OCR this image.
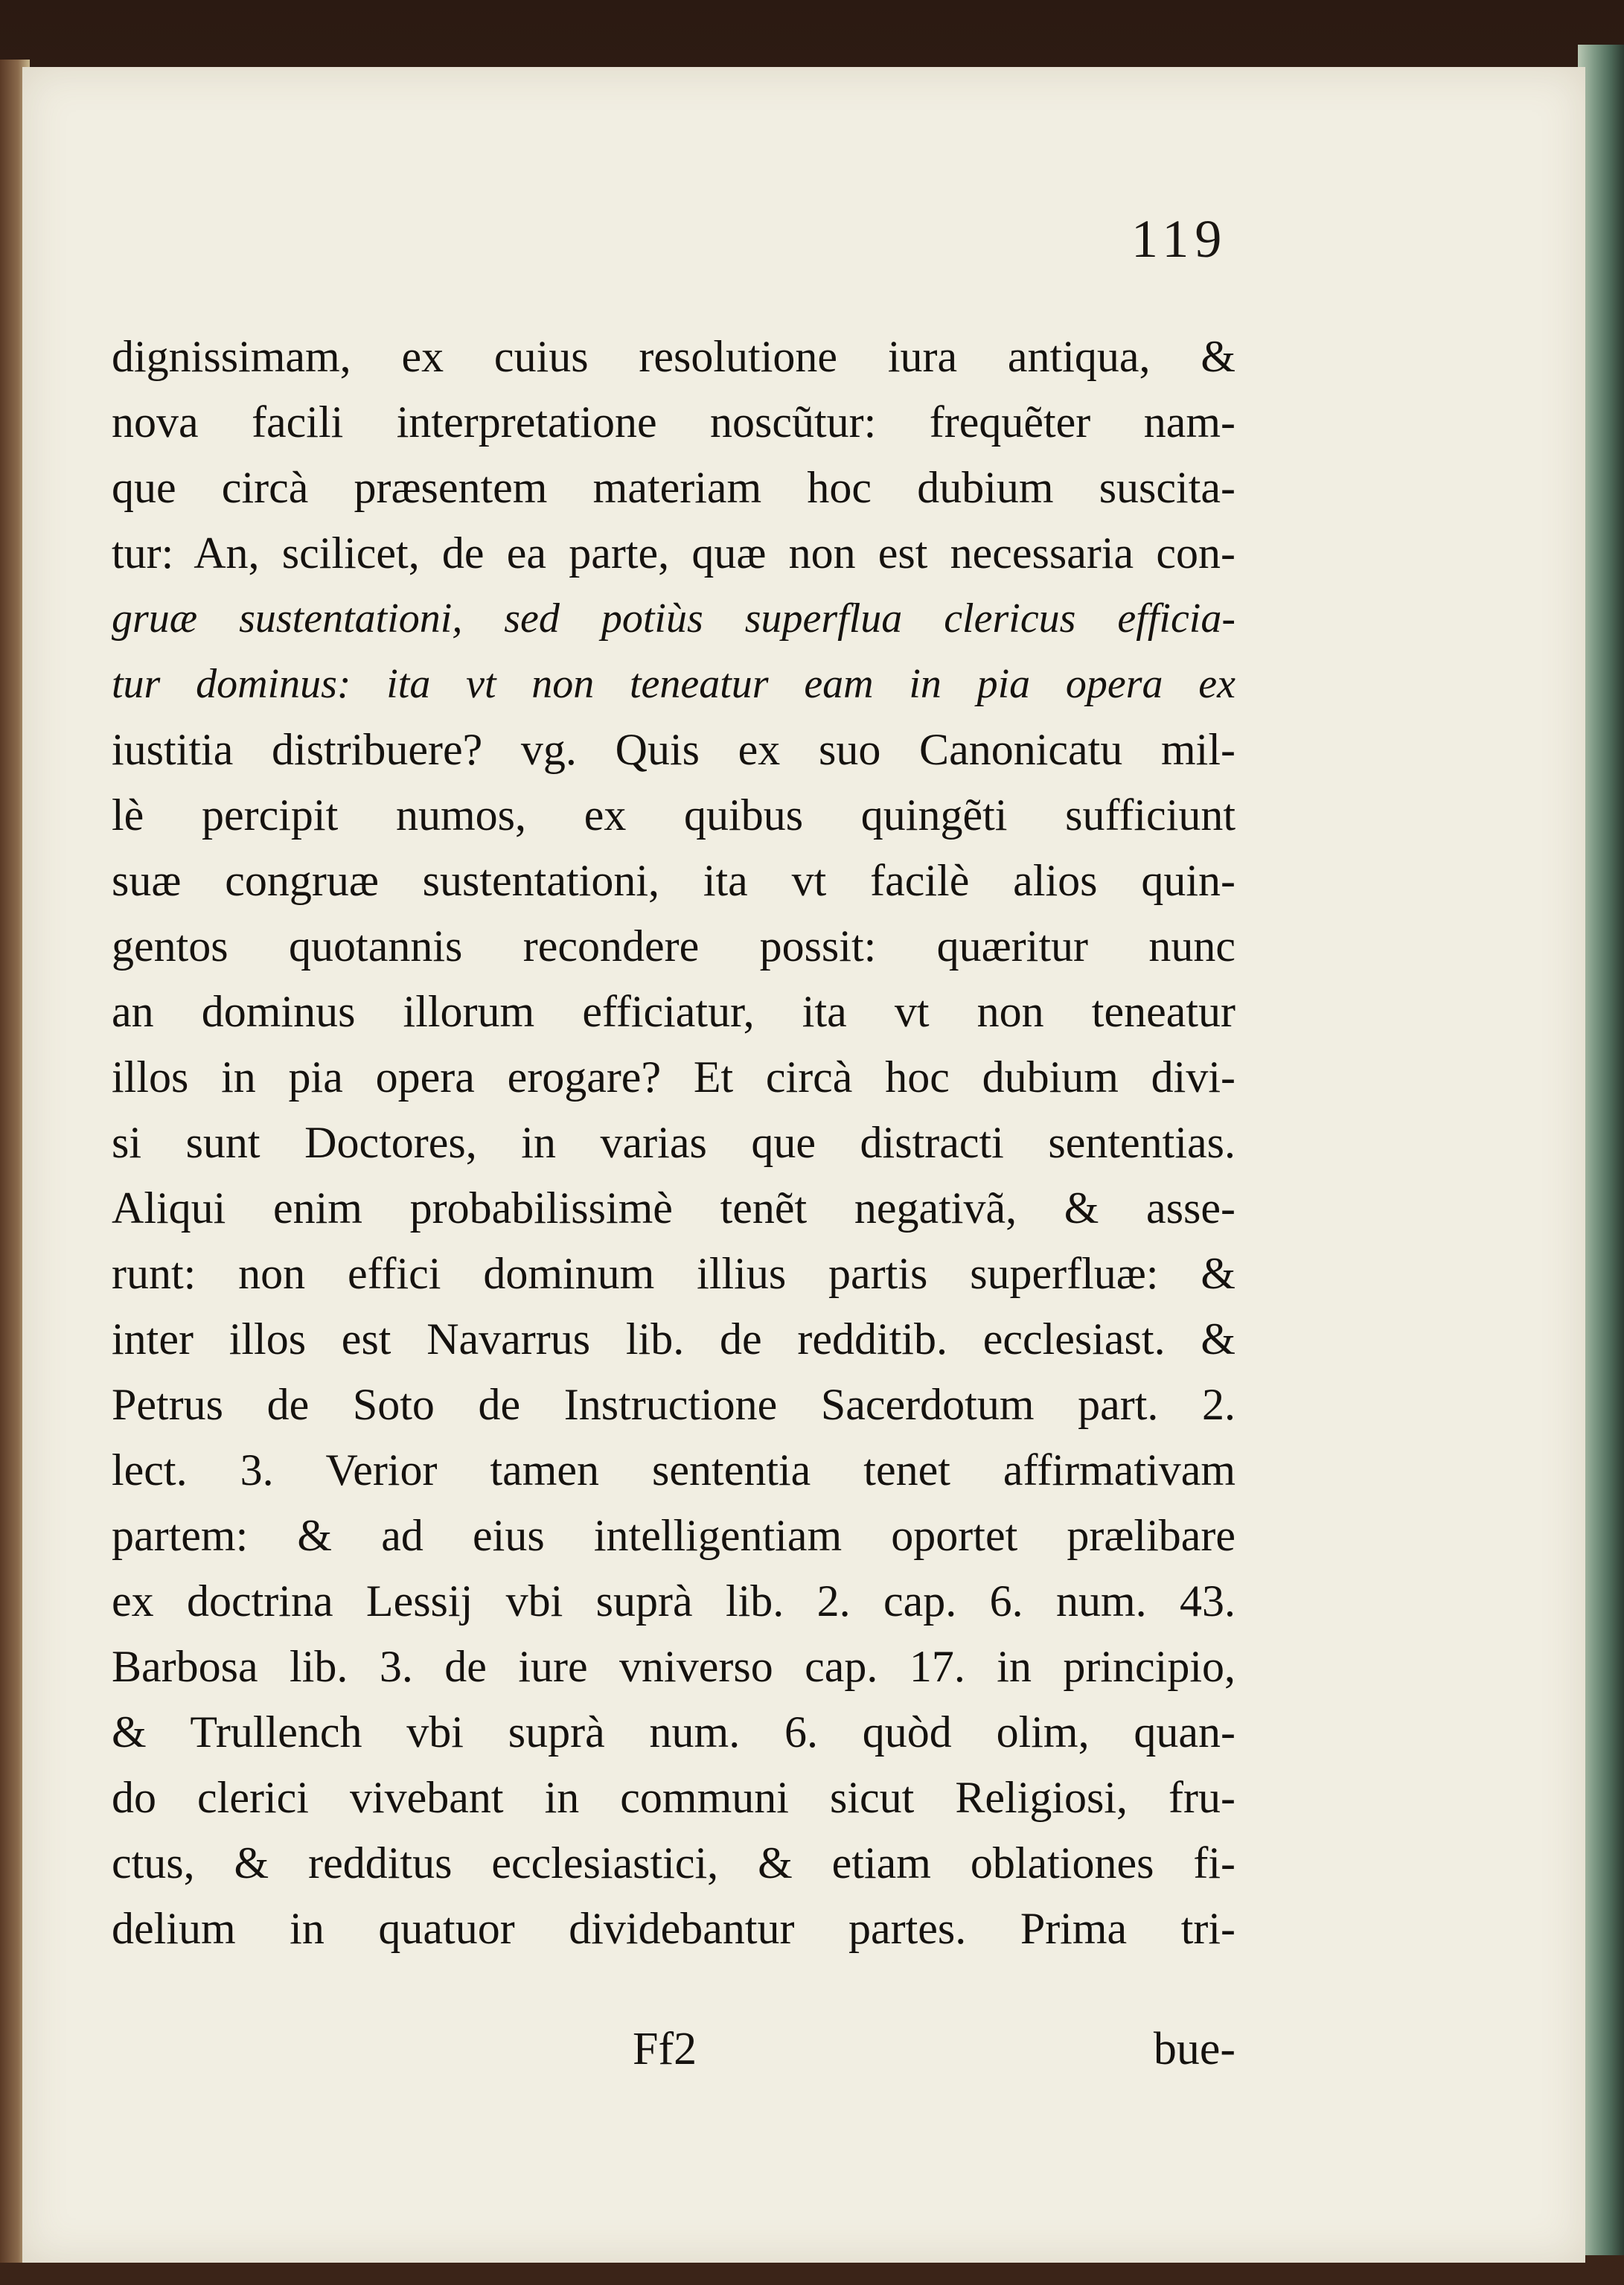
119
dignissimam, ex cuius resolutione iura antiqua, &
nova facili interpretatione noscũtur: frequẽter nam-
que circà præsentem materiam hoc dubium suscita-
tur: An, scilicet, de ea parte, quæ non est necessaria con-
gruæ sustentationi, sed potiùs superflua clericus efficia-
tur dominus: ita vt non teneatur eam in pia opera ex
iustitia distribuere? vg. Quis ex suo Canonicatu mil-
lè percipit numos, ex quibus quingẽti sufficiunt
suæ congruæ sustentationi, ita vt facilè alios quin-
gentos quotannis recondere possit: quæritur nunc
an dominus illorum efficiatur, ita vt non teneatur
illos in pia opera erogare? Et circà hoc dubium divi-
si sunt Doctores, in varias que distracti sententias.
Aliqui enim probabilissimè tenẽt negativã, & asse-
runt: non effici dominum illius partis superfluæ: &
inter illos est Navarrus lib. de redditib. ecclesiast. &
Petrus de Soto de Instructione Sacerdotum part. 2.
lect. 3. Verior tamen sententia tenet affirmativam
partem: & ad eius intelligentiam oportet prælibare
ex doctrina Lessij vbi suprà lib. 2. cap. 6. num. 43.
Barbosa lib. 3. de iure vniverso cap. 17. in principio,
& Trullench vbi suprà num. 6. quòd olim, quan-
do clerici vivebant in communi sicut Religiosi, fru-
ctus, & redditus ecclesiastici, & etiam oblationes fi-
delium in quatuor dividebantur partes. Prima tri-
Ff2	bue-
